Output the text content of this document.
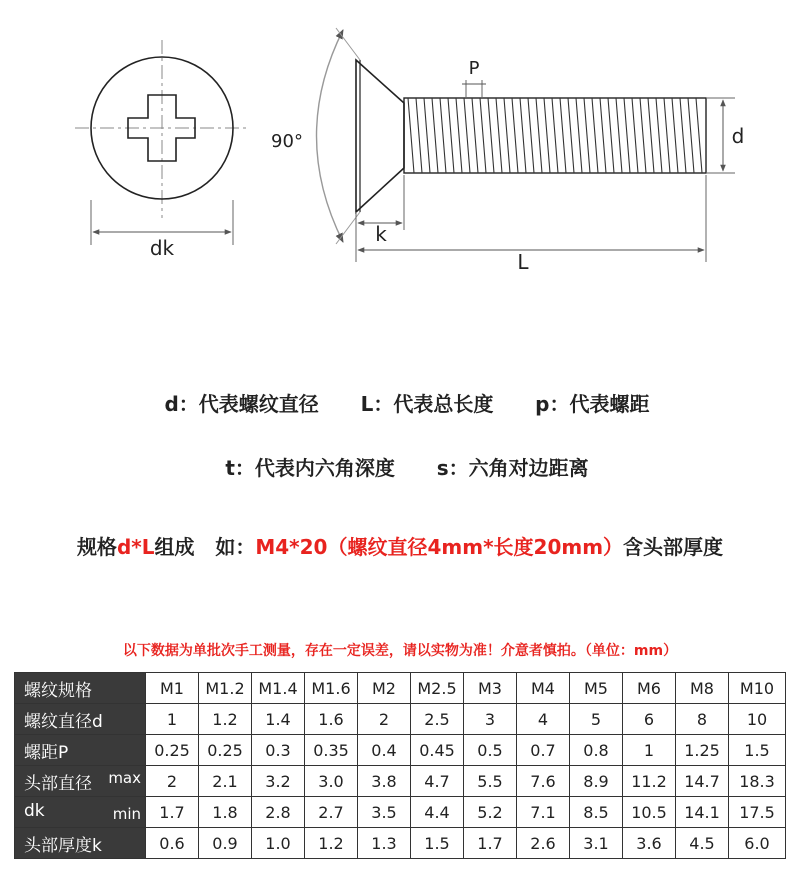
dk
k
L
d
P
90°

d：代表螺纹直径 L：代表总长度 p：代表螺距

t：代表内六角深度 s：六角对边距离

规格d*L组成   如：M4*20（螺纹直径4mm*长度20mm）含头部厚度
以下数据为单批次手工测量，存在一定误差，请以实物为准！介意者慎拍。（单位：mm）
螺纹规格	M1	M1.2	M1.4	M1.6	M2	M2.5	M3	M4	M5	M6	M8	M10
螺纹直径d	1	1.2	1.4	1.6	2	2.5	3	4	5	6	8	10
螺距P	0.25	0.25	0.3	0.35	0.4	0.45	0.5	0.7	0.8	1	1.25	1.5
头部直径 max	2	2.1	3.2	3.0	3.8	4.7	5.5	7.6	8.9	11.2	14.7	18.3
dk min	1.7	1.8	2.8	2.7	3.5	4.4	5.2	7.1	8.5	10.5	14.1	17.5
头部厚度k	0.6	0.9	1.0	1.2	1.3	1.5	1.7	2.6	3.1	3.6	4.5	6.0
